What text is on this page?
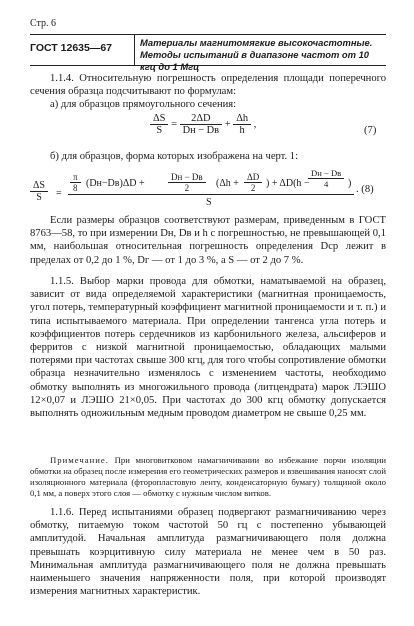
Стр. 6
ГОСТ 12635—67	Материалы магнитомягкие высокочастотные. Методы испытаний в диапазоне частот от 10 кгц до 1 Мгц

1.1.4. Относительную погрешность определения площади поперечного сечения образца подсчитывают по формулам:

а) для образцов прямоугольного сечения:

$\frac{\Delta S}{S} = \frac{2\Delta D}{Dн - Dв} + \frac{\Delta h}{h}$ ,
(7)

б) для образцов, форма которых изображена на черт. 1:

$\frac{\Delta S}{S}$ =
$\frac{\pi}{8} (Dн-Dв)\Delta D$ +
Dн − Dв
2	($\Delta h + \frac{\Delta D}{2}$ ) + ΔD(h −
Dн − Dв
4	)
S
. (8)

Если размеры образцов соответствуют размерам, приведенным в ГОСТ 8763—58, то при измерении Dн, Dв и h с погрешностью, не превышающей 0,1 мм, наибольшая относительная погрешность определения Dср лежит в пределах от 0,2 до 1 %, Dг — от 1 до 3 %, а S — от 2 до 7 %.

1.1.5. Выбор марки провода для обмотки, наматываемой на образец, зависит от вида определяемой характеристики (магнитная проницаемость, угол потерь, температурный коэффициент магнитной проницаемости и т. п.) и типа испытываемого материала. При определении тангенса угла потерь и коэффициентов потерь сердечников из карбонильного железа, альсиферов и ферритов с низкой магнитной проницаемостью, обладающих малыми потерями при частотах свыше 300 кгц, для того чтобы сопротивление обмотки образца незначительно изменялось с изменением частоты, необходимо обмотку выполнять из многожильного провода (литцендрата) марок ЛЭШО 12×0,07 и ЛЭШО 21×0,05. При частотах до 300 кгц обмотку допускается выполнять одножильным медным проводом диаметром не свыше 0,25 мм.

Примечание. При многовитковом намагничивании во избежание порчи изоляции обмотки на образец после измерения его геометрических размеров и взвешивания наносят слой изоляционного материала (фторопластовую ленту, конденсаторную бумагу) толщиной около 0,1 мм, а поверх этого слоя — обмотку с нужным числом витков.

1.1.6. Перед испытаниями образец подвергают размагничиванию через обмотку, питаемую током частотой 50 гц с постепенно убывающей амплитудой. Начальная амплитуда размагничивающего поля должна превышать коэрцитивную силу материала не менее чем в 50 раз. Минимальная амплитуда размагничивающего поля не должна превышать наименьшего значения напряженности поля, при которой производят измерения магнитных характеристик.
